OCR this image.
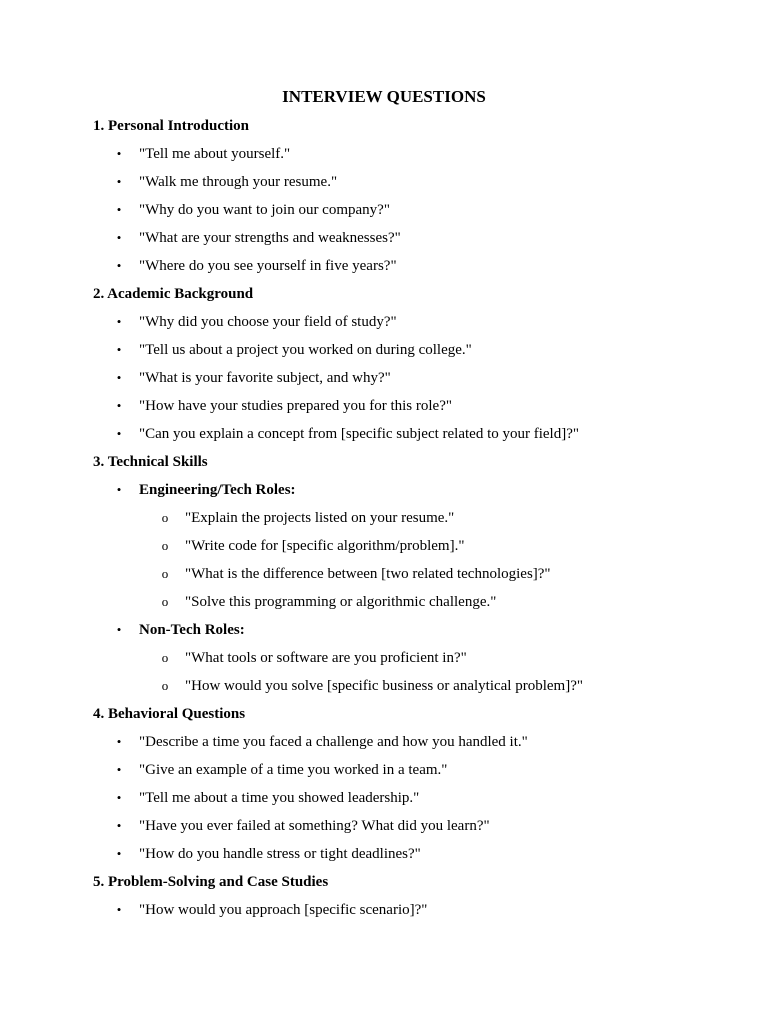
INTERVIEW QUESTIONS
1. Personal Introduction
• "Tell me about yourself."
• "Walk me through your resume."
• "Why do you want to join our company?"
• "What are your strengths and weaknesses?"
• "Where do you see yourself in five years?"
2. Academic Background
• "Why did you choose your field of study?"
• "Tell us about a project you worked on during college."
• "What is your favorite subject, and why?"
• "How have your studies prepared you for this role?"
• "Can you explain a concept from [specific subject related to your field]?"
3. Technical Skills
• Engineering/Tech Roles:
o "Explain the projects listed on your resume."
o "Write code for [specific algorithm/problem]."
o "What is the difference between [two related technologies]?"
o "Solve this programming or algorithmic challenge."
• Non-Tech Roles:
o "What tools or software are you proficient in?"
o "How would you solve [specific business or analytical problem]?"
4. Behavioral Questions
• "Describe a time you faced a challenge and how you handled it."
• "Give an example of a time you worked in a team."
• "Tell me about a time you showed leadership."
• "Have you ever failed at something? What did you learn?"
• "How do you handle stress or tight deadlines?"
5. Problem-Solving and Case Studies
• "How would you approach [specific scenario]?"
